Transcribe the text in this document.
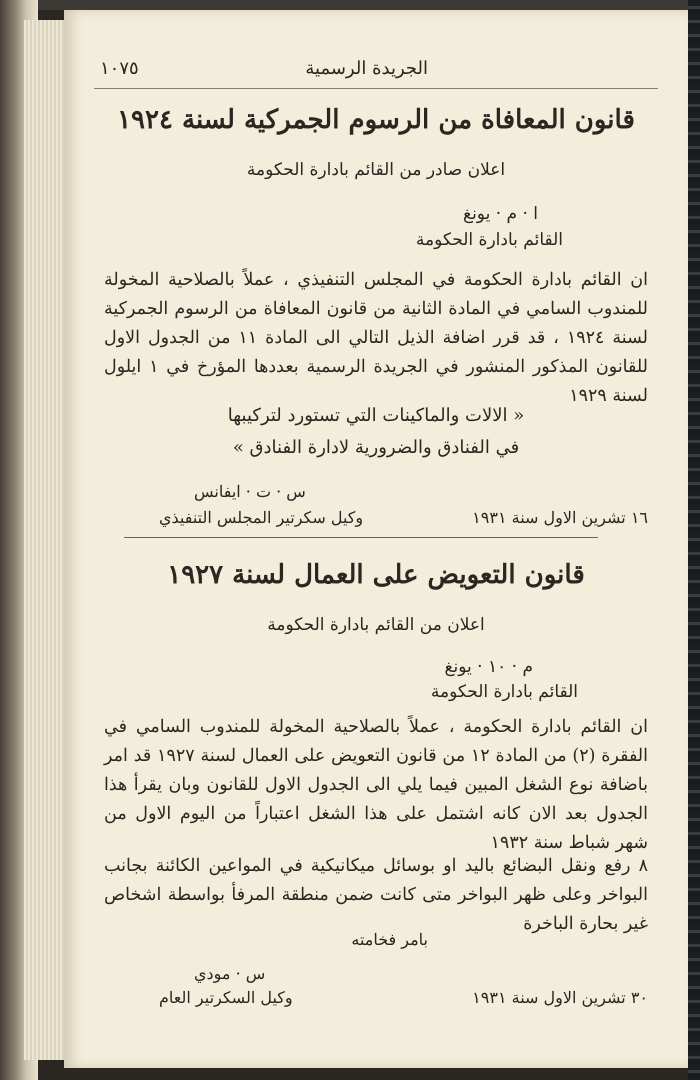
الجريدة الرسمية
١٠٧٥
قانون المعافاة من الرسوم الجمركية لسنة ١٩٢٤
اعلان صادر من القائم بادارة الحكومة
ا · م · يونغ
القائم بادارة الحكومة
ان القائم بادارة الحكومة في المجلس التنفيذي ، عملاً بالصلاحية المخولة للمندوب السامي في المادة الثانية من قانون المعافاة من الرسوم الجمركية لسنة ١٩٢٤ ، قد قرر اضافة الذيل التالي الى المادة ١١ من الجدول الاول للقانون المذكور المنشور في الجريدة الرسمية بعددها المؤرخ في ١ ايلول لسنة ١٩٢٩
« الالات والماكينات التي تستورد لتركيبها
في الفنادق والضرورية لادارة الفنادق »
س · ت · ايفانس
١٦ تشرين الاول سنة ١٩٣١
وكيل سكرتير المجلس التنفيذي
قانون التعويض على العمال لسنة ١٩٢٧
اعلان من القائم بادارة الحكومة
م · ١٠ · يونغ
القائم بادارة الحكومة
ان القائم بادارة الحكومة ، عملاً بالصلاحية المخولة للمندوب السامي في الفقرة (٢) من المادة ١٢ من قانون التعويض على العمال لسنة ١٩٢٧ قد امر باضافة نوع الشغل المبين فيما يلي الى الجدول الاول للقانون وبان يقرأ هذا الجدول بعد الان كانه اشتمل على هذا الشغل اعتباراً من اليوم الاول من شهر شباط سنة ١٩٣٢
٨ رفع ونقل البضائع باليد او بوسائل ميكانيكية في المواعين الكائنة بجانب البواخر وعلى ظهر البواخر متى كانت ضمن منطقة المرفأ بواسطة اشخاص غير بحارة الباخرة
بامر فخامته
س · مودي
٣٠ تشرين الاول سنة ١٩٣١
وكيل السكرتير العام
